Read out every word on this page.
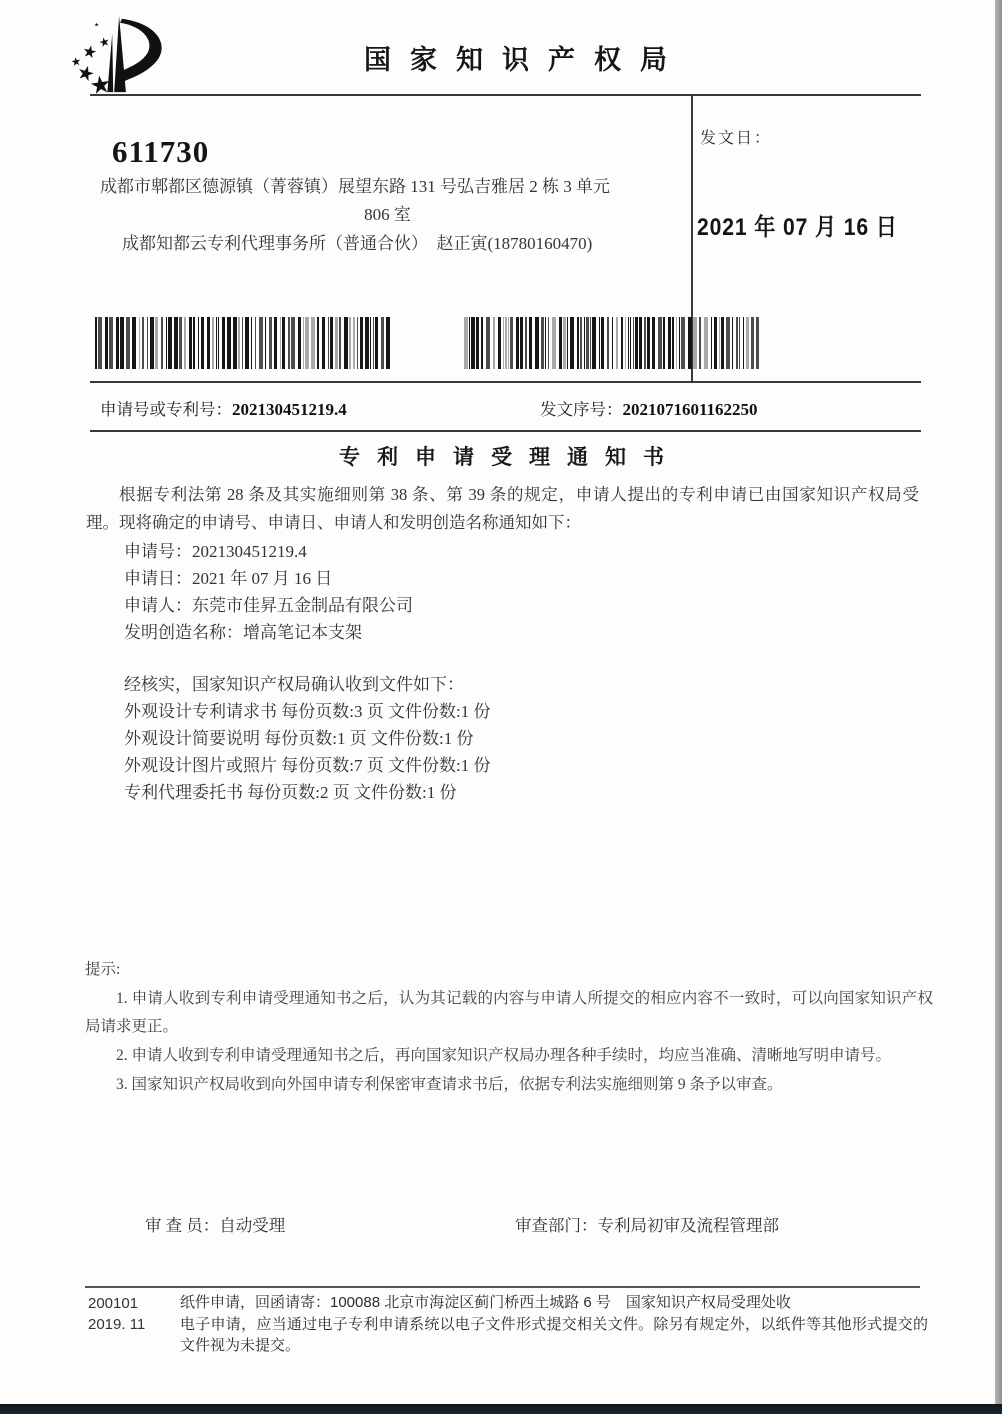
国家知识产权局
611730
成都市郫都区德源镇（菁蓉镇）展望东路 131 号弘吉雅居 2 栋 3 单元
806 室
成都知都云专利代理事务所（普通合伙）　赵正寅(18780160470)
发文日：
2021 年 07 月 16 日
申请号或专利号：202130451219.4	发文序号：2021071601162250
专利申请受理通知书
根据专利法第 28 条及其实施细则第 38 条、第 39 条的规定，申请人提出的专利申请已由国家知识产权局受理。现将确定的申请号、申请日、申请人和发明创造名称通知如下：
申请号：202130451219.4
申请日：2021 年 07 月 16 日
申请人：东莞市佳昇五金制品有限公司
发明创造名称：增高笔记本支架
经核实，国家知识产权局确认收到文件如下：
外观设计专利请求书 每份页数:3 页 文件份数:1 份
外观设计简要说明 每份页数:1 页 文件份数:1 份
外观设计图片或照片 每份页数:7 页 文件份数:1 份
专利代理委托书 每份页数:2 页 文件份数:1 份
提示:

1. 申请人收到专利申请受理通知书之后，认为其记载的内容与申请人所提交的相应内容不一致时，可以向国家知识产权局请求更正。

2. 申请人收到专利申请受理通知书之后，再向国家知识产权局办理各种手续时，均应当准确、清晰地写明申请号。

3. 国家知识产权局收到向外国申请专利保密审查请求书后，依据专利法实施细则第 9 条予以审查。

审 查 员：自动受理	审查部门：专利局初审及流程管理部
200101
2019. 11
纸件申请，回函请寄：100088 北京市海淀区蓟门桥西土城路 6 号　国家知识产权局受理处收
电子申请，应当通过电子专利申请系统以电子文件形式提交相关文件。除另有规定外，以纸件等其他形式提交的文件视为未提交。
